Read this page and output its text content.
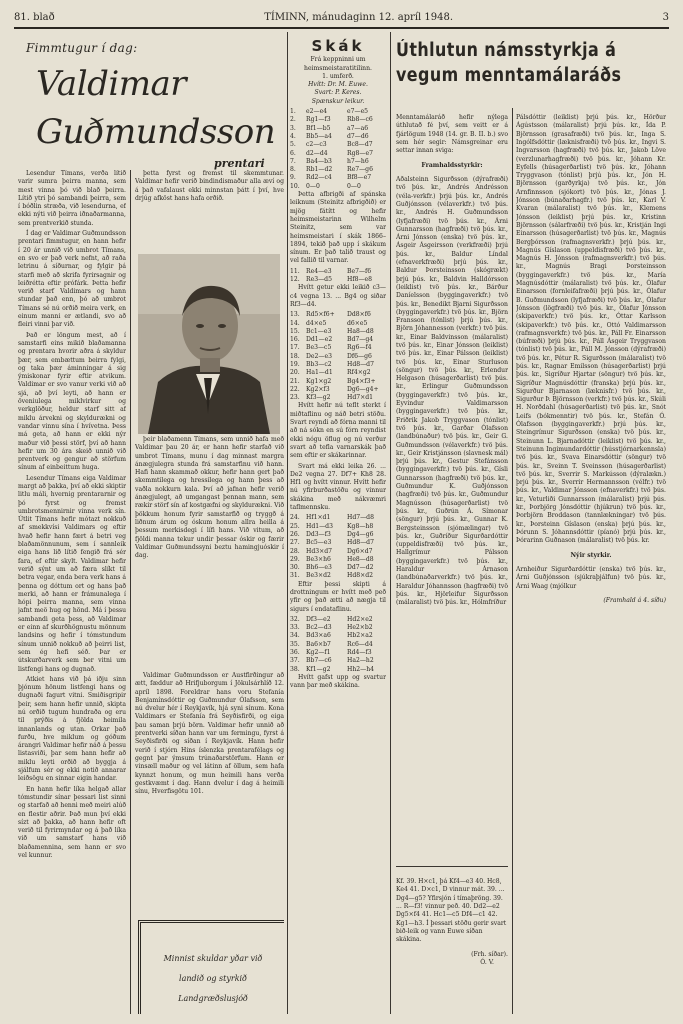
81. blað	TÍMINN, mánudaginn 12. apríl 1948.	3
Fimmtugur í dag:
Valdimar
Guðmundsson
prentari

Lesendur Tímans, verða lítið varir sumra þeirra manna, sem mest vinna þó við blað þeirra. Lítið ytri þó sambandi þeirra, sem í bóðlin stræða, við lesendurna, ef ekki nýti við þeirra iðnaðarmanna, sem prentverkið stunda.

Í dag er Valdimar Guðmundsson prentari fimmtugur, en hann hefir í 20 ár unnið við umbrot Tímans, en svo er það verk nefnt, að raða letrinu á síðurnar, og fylgir þá starfi með að skrifa fyrirsagnir og leiðrétta eftir prófárk. Þetta hefir verið starf Valdimars og hann stundar það enn, þó að umbrot Tímans sé nú orðið meira verk, en einum manni er ætlandi, svo að fleiri vinni þar við.

Það er löngum mest, að í samstarfi eins mikið blaðamanna og prentara hvorir aðra á skyldur þær, sem embættum beirra fylgi, og taka þær áminningar á sig ýmiskonar fyrir eftir atvikum. Valdimar er svo vanur verki við að sjá, að því leyti, að hann er öveniulega miklvirkur og verkglöður, heldur starf sitt af miklu árvekni og skyldurækni og vandar vinnu sína í hvívetna. Þess má geta, að hann er ekki nýr maður við þessi störf, því að hann hefir um 30 ára skeið unnið við prentverk og gengur að störfum sínum af einbeittum huga.

Lesendur Tímans eiga Valdimar margt að þakka, því að ekki skiptir litlu máli, hvernig prentararnir og þó fyrst og fremst umbrotsmennirnir vinna verk sín. Útlit Tímans hefir mótazt nokkuð af smekkvísi Valdimars og eftir hvað hefir hann fært á betri veg blaðamönnunum, sem í sannleik eiga hans lið lítið fengið frá sér fara, ef eftir skylt. Valdimar hefir verið sýnt um að færa slíkt til betra vegar, enda bera verk hans á þenna og dóttum ort og hans það merki, að hann er frámunalega í hópi þeirra manna, sem vinna jafnt meö hug og hönd. Má í þessu sambandi geta þess, að Valdimar er einn af skurðhögnustu mönnum landsins og hefir í tómstundum sínum unnið nokkuð að þeirri list, sem ég hefi séð. Þar er útskurðarverk sem ber vitni um listfengi hans og dugnað.

Atkiet hans við þá iðju sinn þjónum hönum listfengi hans og dugnaði fagurt vitni. Smiðisgripir þeir, sem hann hefir unnið, skipta nú orðið tugum hundraða og eru til prýðis á fjölda heimila innanlands og utan. Orkar það furðu, hve miklum og góðum árangri Valdimar hefir náð á þessu listasviði, þar sem hann hefir að miklu leyti orðið að byggja á sjálfum sér og ekki notið annarar leiðsögu en sinnar eigin handar.

En hann hefir líka helgað allar tómstundir sínar þessari list sinni og starfað að henni með meiri alúð en flestir aðrir. Það mun því ekki sízt að þakka, að hann hefir oft verið til fyrirmyndar og á það líka við um samstarf hans við blaðamennina, sem hann er svo vel kunnur.

þetta fyrst og fremst til skemmtunar. Valdimar hefir verið bindindismaður alla æví og á það vafalaust ekki minnstan þátt í því, hve drjúg afköst hans hafa orðið.

þeir blaðamenn Tímans, sem unnið hafa með Valdimar þau 20 ár, er hann hefir starfað við umbrot Tímans, munu í dag minnast margra ánægjulegra stunda frá samstarfinu við hann. Hafi hann skammað okkur, hefir hann gert það skemmtilega og hressilega og hann þess að vaðla nokkurn kala. Því að jafnan hefir verið ánægjulegt, að umgangast þennan mann, sem rækir störf sín af kostgæfni og skyldurækni. Við þökkum honum fyrir samstarfið og tryggð á liðnum árum og óskum honum allra heilla á þessum merkisdegi í lífi hans. Við vitum, að fjöldi manna tekur undir þessar óskir og færir Valdimar Guðmundssyni beztu hamingjuóskir í dag.

Valdimar Guðmundsson er Austfirðingur að ætt, fæddur að Hrifjuborgum í Jökulsárhlíð 12. apríl 1898. Foreldrar hans voru Stefanía Benjamínsdóttir og Guðmundur Ólafsson, sem nú dvelur hér í Reykjavík, hjá syni sínum. Kona Valdimars er Stefanía frá Seyðisfirði, og eiga þau saman þrjú börn. Valdimar hefir unnið að prentverki síðan hann var um fermingu, fyrst á Seyðisfirði og síðan í Reykjavík. Hann hefir verið í stjórn Hins íslenzka prentarafélags og gegnt þar ýmsum trúnaðarstörfum. Hann er vinsæll maður og vel látinn af öllum, sem hafa kynnzt honum, og mun heimili hans verða gestkvæmt í dag. Hann dvelur í dag á heimili sínu, Hverfisgötu 101.

Minnist skuldar yðar við
landið og styrkið
Landgræðslusjóð
Skák
Frá keppninni um heimsmeistaratitilinn.
1. umferð.
Hvítt: Dr. M. Euwe.
Svart: P. Keres.
Spænskur leikur.
1.	e2—e4	e7—e5
2.	Rg1—f3	Rb8—c6
3.	Bf1—b5	a7—a6
4.	Bb5—a4	d7—d6
5.	c2—c3	Bc8—d7
6.	d2—d4	Rg8—e7
7.	Ba4—b3	h7—h6
8.	Rb1—d2	Re7—g6
9.	Rd2—c4	Bf8—e7
10.	0—0	0—0

Þetta afbrigði af spánska leiknum (Steinitz afbrigðið) er mjög fátítt og hefir heimsmeistarinn Wilhelm Steinitz, sem var heimsmeistari í skák 1866–1894, tekið það upp í skákum sínum. Er það talið traust og vel fallið til varnar.

11.	Re4—e3	Be7—f6
12.	Re3—d5	Hf8—e8

Hvítt getur ekki leikið c3—c4 vegna 13. ... Bg4 og siðar Rf3—d4.

13.	Rd5×f6+	Dd8×f6
14.	d4×e5	d6×e5
15.	Bc1—e3	Ha8—d8
16.	Dd1—e2	Bd7—g4
17.	Be3—c5	Rg6—f4
18.	De2—e3	Df6—g6
19.	Bb3—c2	Hd8—d7
20.	Ha1—d1	Rf4×g2
21.	Kg1×g2	Bg4×f3+
22.	Kg2×f3	Dg6—g4+
23.	Kf3—g2	Hd7×d1

Hvítt hefir nú teflt sterkt í miðtaflinu og náð betri stöðu. Svart reyndi að fórna manni til að ná sókn en sú fórn reyndist ekki nógu öflug og nú verður svart að tefla varnarskák það sem eftir er skákarinnar.

Svart má ekki leika 26. ... De2 vegna 27. Df7+ Kh8 28. Hf1 og hvítt vinnur. Hvítt hefir nú yfirburðastöðu og vinnur skákina með nákvæmri taflmennsku.

24.	Hf1×d1	Hd7—d8
25.	Hd1—d3	Kg8—h8
26.	Dd3—f3	Dg4—g6
27.	Bc5—e3	Hd8—d7
28.	Hd3×d7	Dg6×d7
29.	Be3×h6	He8—d8
30.	Bh6—e3	Dd7—d2
31.	Be3×d2	Hd8×d2

Eftir þessi skipti á drottningum er hvítt með peð yfir og það ætti að nægja til sigurs í endataflinu.

32.	Df3—e2	Hd2×e2
33.	Bc2—d3	He2×b2
34.	Bd3×a6	Hb2×a2
35.	Ba6×b7	Rc6—d4
36.	Kg2—f1	Rd4—f3
37.	Bb7—c6	Ha2—h2
38.	Kf1—g2	Hh2—h4

Hvítt gafst upp og svartur vann þar með skákina.

Úthlutun námsstyrkja á vegum menntamálaráðs

Menntamálaráð hefir nýlega úthlutað fé því, sem veitt er á fjárlögum 1948 (14. gr. B. II. b.) svo sem hér segir: Námsgreinar eru settar innan sviga:

Framhaldsstyrkir:

Aðalsteinn Sigurðsson (dýrafræði) tvö þús. kr., Andrés Andrésson (véla-verkfr.) þrjú þús. kr., Andrés Guðjónsson (vélaverkfr.) tvö þús. kr., Andrés H. Guðmundsson (lyfjafræði) tvö þús. kr., Árni Gunnarsson (hagfræði) tvö þús. kr., Árni Jónsson (enska) tvö þús. kr., Ásgeir Ásgeirsson (verkfræði) þrjú þús. kr., Baldur Líndal (efnaverkfræði) þrjú þús. kr., Baldur Þorsteinsson (skógrækt) þrjú þús. kr., Baldvin Halldórsson (leiklist) tvö þús. kr., Bárður Daníelsson (byggingaverkfr.) tvö þús. kr., Benedikt Bjarni Sigurðsson (byggingaverkfr.) tvö þús. kr., Björn Fransson (tónlist) þrjú þús. kr., Björn Jóhannesson (verkfr.) tvö þús. kr., Einar Baldvinsson (málaralist) tvö þús. kr., Einar Jónsson (leiklist) tvö þús. kr., Einar Pálsson (leiklist) tvö þús. kr., Einar Sturluson (söngur) tvö þús. kr., Erlendur Helgason (húsagerðarlist) tvö þús. kr., Erlingur Guðmundsson (byggingaverkfr.) tvö þús. kr., Eyvindur Valdimarsson (byggingaverkfr.) tvö þús. kr., Friðrik Jakob Tryggvason (tónlist) tvö þús. kr., Garðar Ólafsson (landbúnaður) tvö þús. kr., Geir G. Guðmundsson (vélaverkfr.) tvö þús. kr., Geir Kristjánsson (slavnesk mál) þrjú þús. kr., Gestur Stefánsson (byggingaverkfr.) tvö þús. kr., Gísli Gunnarsson (hagfræði) tvö þús. kr., Guðmundur K. Guðjónsson (hagfræði) tvö þús. kr., Guðmundur Magnússon (húsagerðarlist) tvö þús. kr., Guðrún Á. Símonar (söngur) þrjú þús. kr., Gunnar K. Bergsteinsson (sjómælingar) tvö þús. kr., Guðríður Sigurðardóttir (uppeldisfræði) tvö þús. kr., Hallgrímur Pálsson (byggingaverkfr.) tvö þús. kr., Haraldur Árnason (landbúnaðarverkfr.) tvö þús. kr., Haraldur Jóhannsson (hagfræði) tvö þús. kr., Hjörleifur Sigurðsson (málaralist) tvö þús. kr., Hólmfríður

Kf. 39. H×c1, þá Kf4—e3 40. Hc8, Ke4 41. D×c1, D vinnur mát. 39. ... Dg4—g5? Yfirsjón í tímaþröng. 39. ... R—f3! vinnur peð. 40. Dd2—e2 Dg5×f4 41. Hc1—c5 Df4—c1 42. Kg1—h3. Í þessari stöðu gerir svart bið-leik og vann Euwe síðan skákina.

(Frh. síðar).
Ó. V.

Pálsdóttir (leiklist) þrjú þús. kr., Hörður Ágústsson (málaralist) þrjú þús. kr., Ída P. Björnsson (grasafræði) tvö þús. kr., Inga S. Ingólfsdóttir (læknisfræði) tvö þús. kr., Ingvi S. Ingvarsson (hagfræði) tvö þús. kr., Jakob Löve (verzlunarhagfræði) tvö þús. kr., Jóhann Kr. Eyfells (húsagerðarlist) tvö þús. kr., Jóhann Tryggvason (tónlist) þrjú þús. kr., Jón H. Björnsson (garðyrkja) tvö þús. kr., Jón Arnfinnsson (sjókort) tvö þús. kr., Jónas J. Jónsson (búnaðarhagfr.) tvö þús. kr., Karl V. Kvaran (málaralist) tvö þús. kr., Klemens Jónsson (leiklist) þrjú þús. kr., Kristinn Björnsson (sálarfræði) tvö þús. kr., Kristján Ingi Einarsson (húsagerðarlist) tvö þús. kr., Magnús Bergþórsson (rafmagnsverkfr.) þrjú þús. kr., Magnús Gíslason (uppeldisfræði) tvö þús. kr., Magnús H. Jónsson (rafmagnsverkfr.) tvö þús. kr., Magnús Bragi Þorsteinsson (byggingaverkfr.) tvö þús. kr., María Magnúsdóttir (málaralist) tvö þús. kr., Ólafur Einarsson (fornleifafræði) þrjú þús. kr., Ólafur B. Guðmundsson (lyfjafræði) tvö þús. kr., Ólafur Jónsson (lögfræði) tvö þús. kr., Ólafur Jónsson (skipaverkfr.) tvö þús. kr., Óttar Karlsson (skipaverkfr.) tvö þús. kr., Ottó Valdimarsson (rafmagnsverkfr.) tvö þús. kr., Páll Fr. Einarsson (búfræði) þrjú þús. kr., Páll Ásgeir Tryggvason (tónlist) tvö þús. kr., Páll M. Jónsson (dýrafræði) tvö þús. kr., Pétur R. Sigurðsson (málaralist) tvö þús. kr., Ragnar Emilsson (húsagerðarlist) þrjú þús. kr., Sigríður Hjartar (söngur) tvö þús. kr., Sigríður Magnúsdóttir (franska) þrjú þús. kr., Sigurður Bjarnason (læknisfr.) tvö þús. kr., Sigurður Þ. Björnsson (verkfr.) tvö þús. kr., Skúli H. Norðdahl (húsagerðarlist) tvö þús. kr., Snót Leifs (bókmenntir) tvö þús. kr., Stefán Ó. Ólafsson (byggingaverkfr.) þrjú þús. kr., Steingrímur Sigurðsson (enska) tvö þús. kr., Steinunn L. Bjarnadóttir (leiklist) tvö þús. kr., Steinunn Ingimundardóttir (hússtjórnarkennsla) tvö þús. kr., Svava Einarsdóttir (söngur) tvö þús. kr., Sveinn T. Sveinsson (húsagerðarlist) tvö þús. kr., Sverrir S. Markússon (dýralækn.) þrjú þús. kr., Sverrir Hermannsson (vélfr.) tvö þús. kr., Valdimar Jónsson (efnaverkfr.) tvö þús. kr., Veturliði Gunnarsson (málaralist) þrjú þús. kr., Þorbjörg Jónsdóttir (hjúkrun) tvö þús. kr., Þorbjörn Broddason (tannlækningar) tvö þús. kr., Þorsteinn Gíslason (enska) þrjú þús. kr., Þórunn S. Jóhannsdóttir (píanó) þrjú þús. kr., Þórarinn Guðnason (málaralist) tvö þús. kr.

Nýir styrkir.

Arnheiður Sigurðardóttir (enska) tvö þús. kr., Árni Guðjónsson (sjúkraþjálfun) tvö þús. kr., Árni Waag (mjólkur

(Framhald á 4. síðu)
